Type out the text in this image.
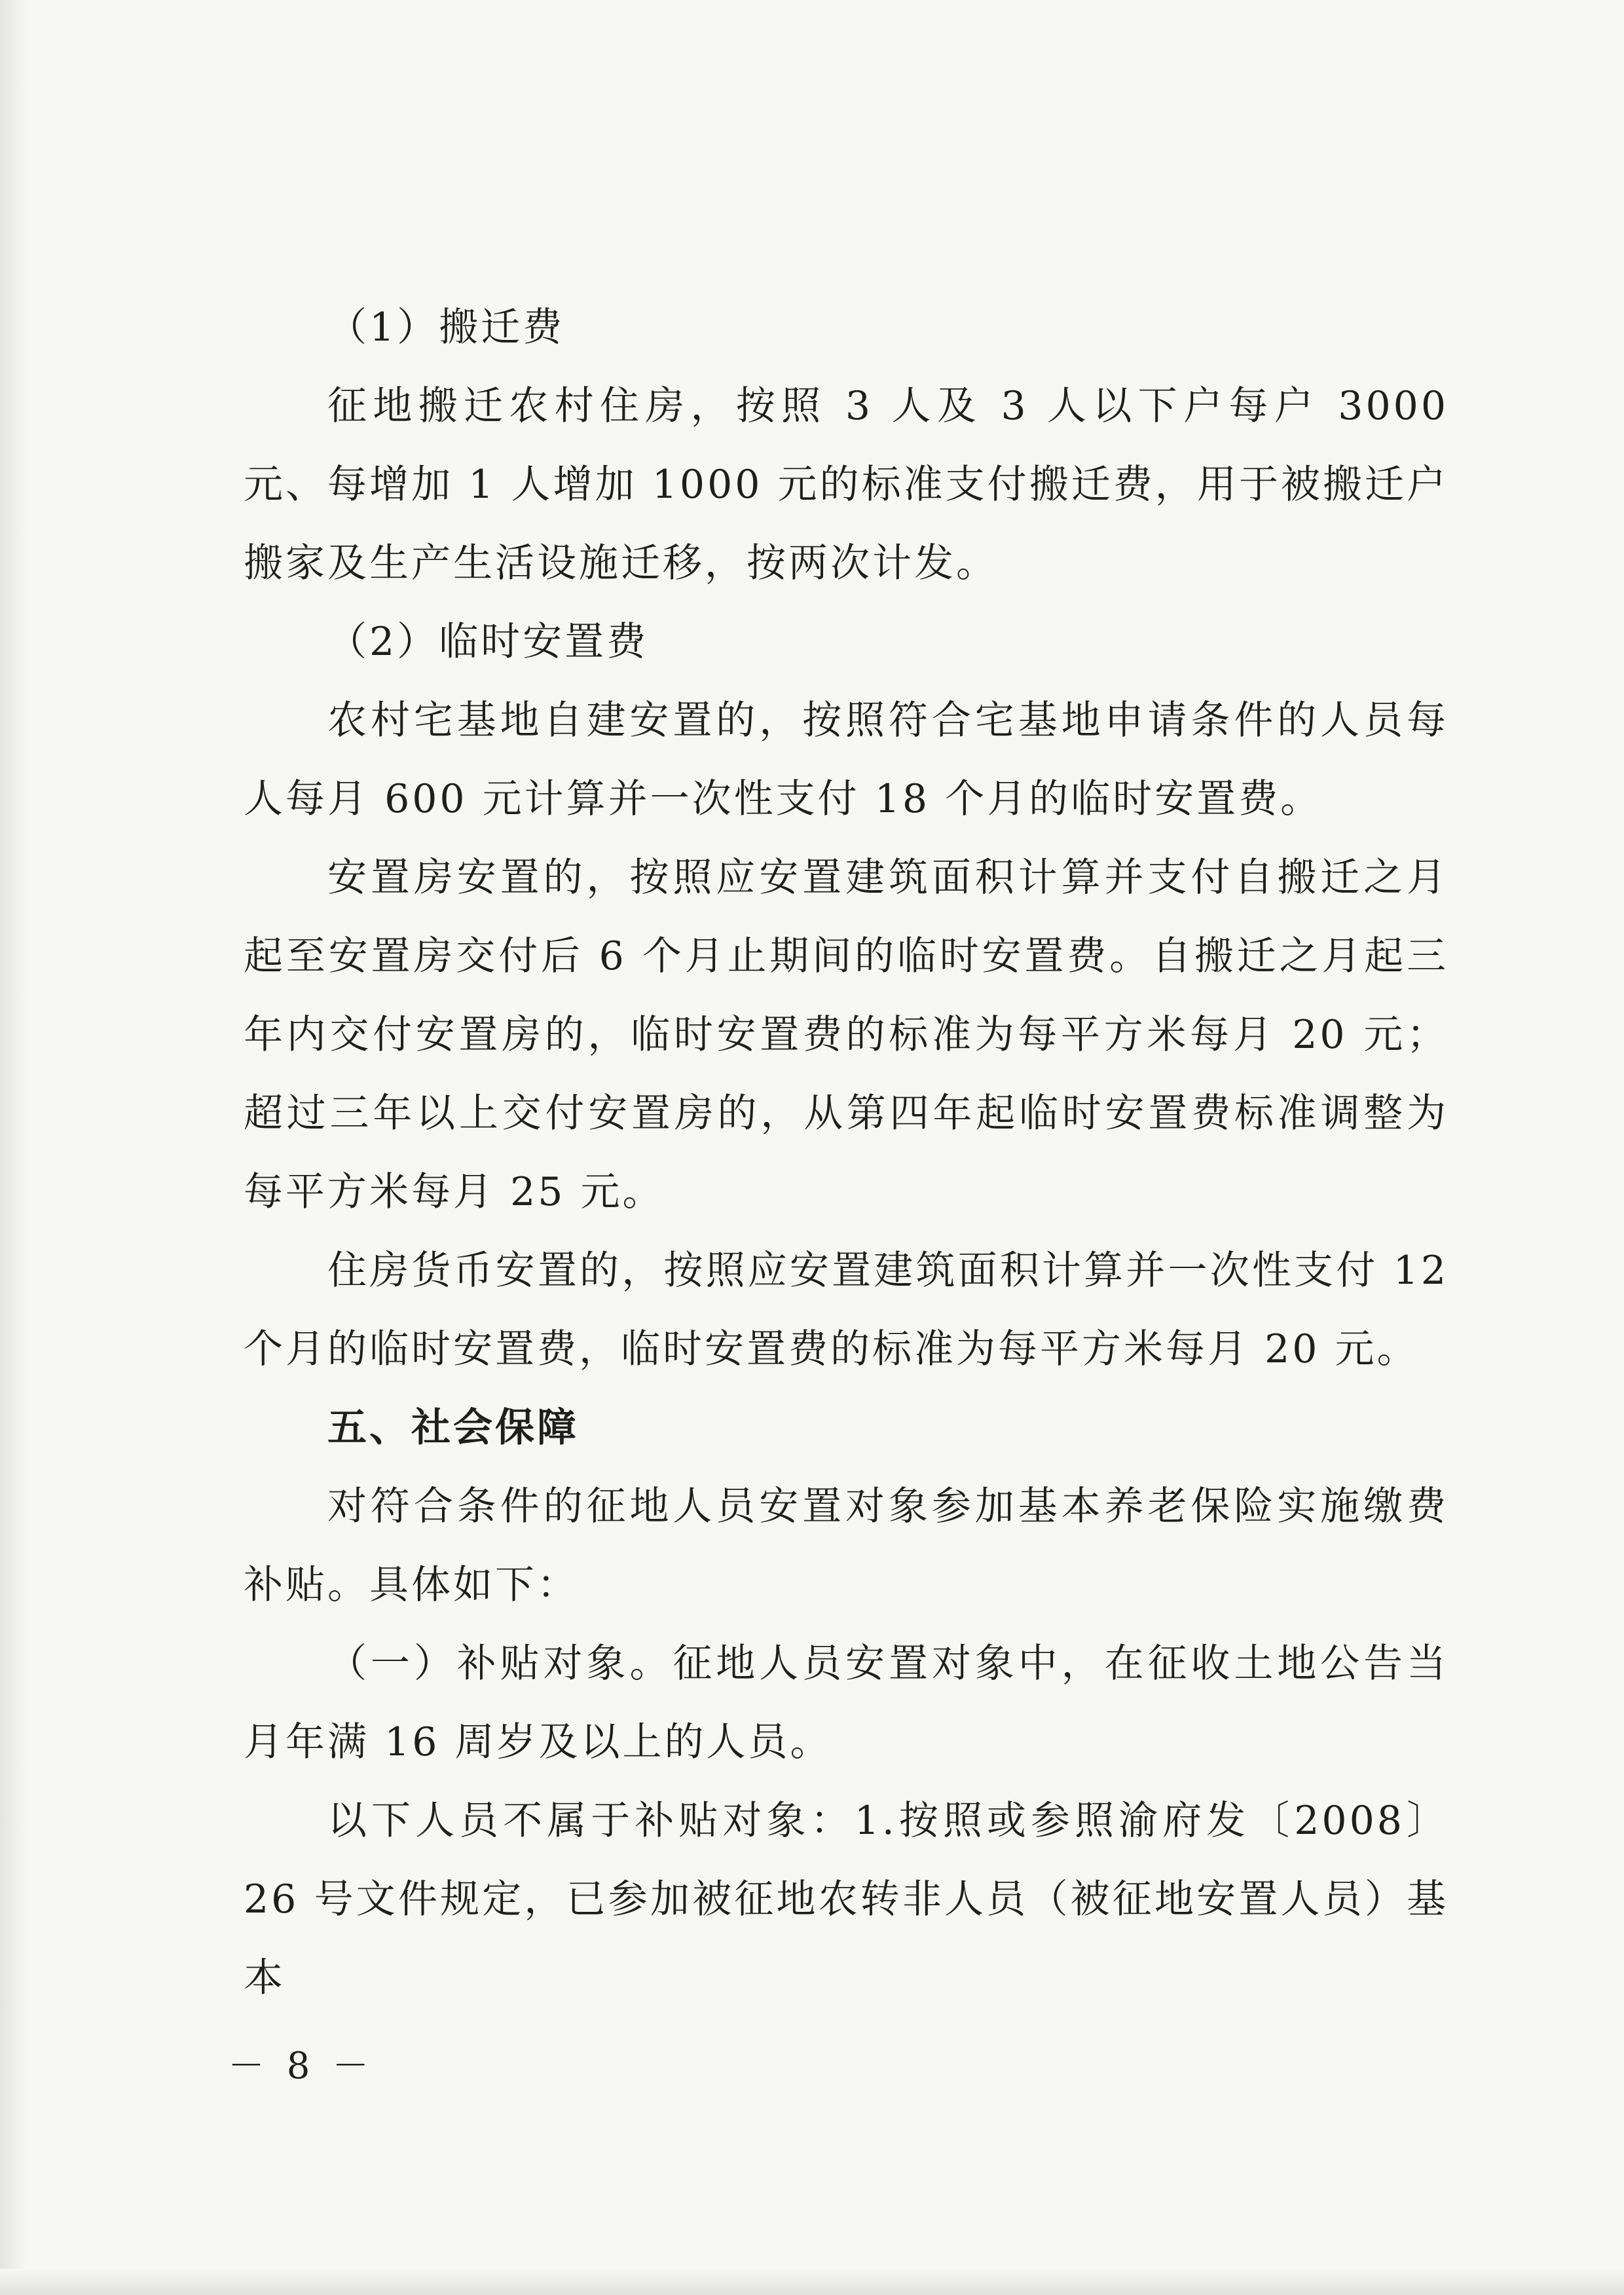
（1）搬迁费

征地搬迁农村住房，按照 3 人及 3 人以下户每户 3000 元、每增加 1 人增加 1000 元的标准支付搬迁费，用于被搬迁户搬家及生产生活设施迁移，按两次计发。

（2）临时安置费

农村宅基地自建安置的，按照符合宅基地申请条件的人员每人每月 600 元计算并一次性支付 18 个月的临时安置费。

安置房安置的，按照应安置建筑面积计算并支付自搬迁之月起至安置房交付后 6 个月止期间的临时安置费。自搬迁之月起三年内交付安置房的，临时安置费的标准为每平方米每月 20 元；超过三年以上交付安置房的，从第四年起临时安置费标准调整为每平方米每月 25 元。

住房货币安置的，按照应安置建筑面积计算并一次性支付 12 个月的临时安置费，临时安置费的标准为每平方米每月 20 元。

五、社会保障

对符合条件的征地人员安置对象参加基本养老保险实施缴费补贴。具体如下：

（一）补贴对象。征地人员安置对象中，在征收土地公告当月年满 16 周岁及以上的人员。

以下人员不属于补贴对象：1.按照或参照渝府发〔2008〕26 号文件规定，已参加被征地农转非人员（被征地安置人员）基本

－ 8 －
